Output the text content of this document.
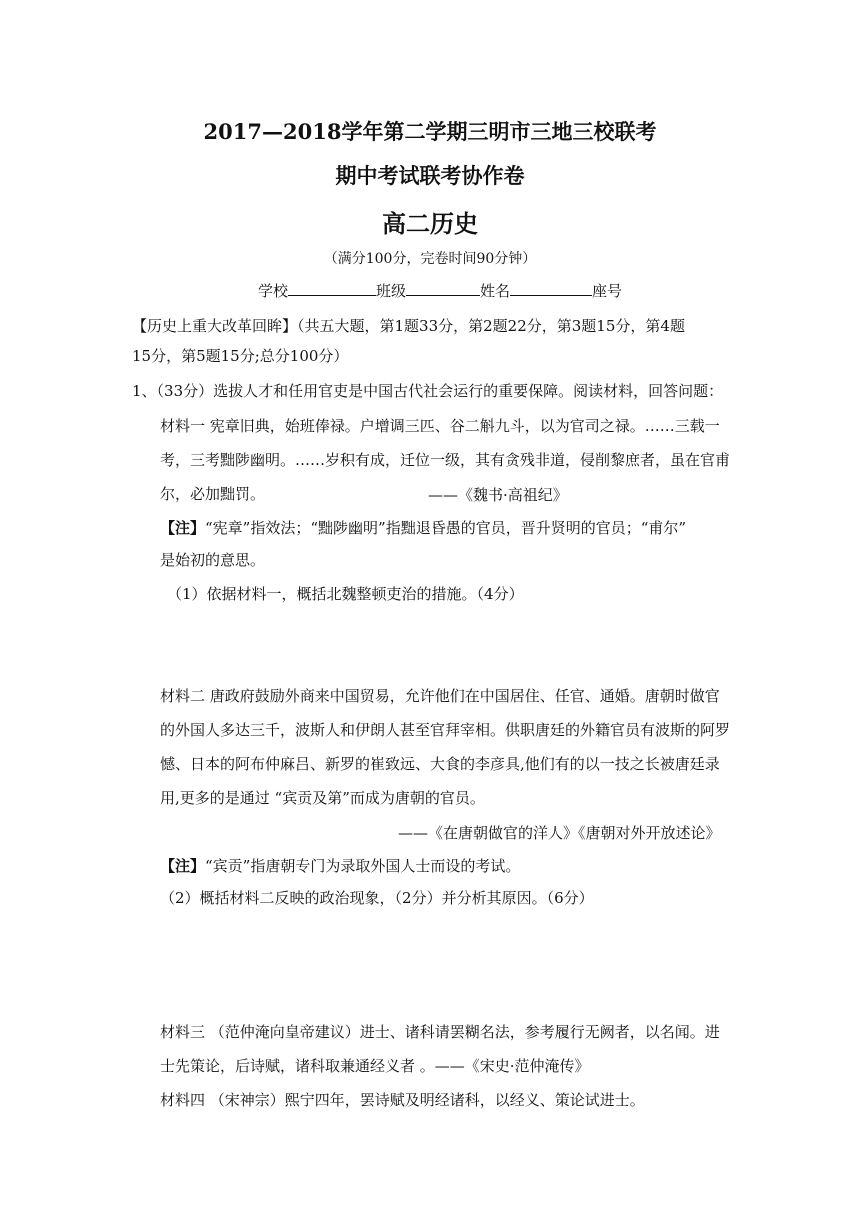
2017—2018学年第二学期三明市三地三校联考
期中考试联考协作卷
高二历史
（满分100分，完卷时间90分钟）
学校	班级	姓名	座号
【历史上重大改革回眸】（共五大题，第1题33分，第2题22分，第3题15分，第4题
15分，第5题15分;总分100分）
1、（33分）选拔人才和任用官吏是中国古代社会运行的重要保障。阅读材料，回答问题：
材料一 宪章旧典，始班俸禄。户增调三匹、谷二斛九斗，以为官司之禄。……三载一
考，三考黜陟幽明。……岁积有成，迁位一级，其有贪残非道，侵削黎庶者，虽在官甫
尔，必加黜罚。	——《魏书·高祖纪》
【注】“宪章”指效法；“黜陟幽明”指黜退昏愚的官员，晋升贤明的官员；“甫尔”
是始初的意思。
（1）依据材料一，概括北魏整顿吏治的措施。（4分）
材料二 唐政府鼓励外商来中国贸易，允许他们在中国居住、任官、通婚。唐朝时做官
的外国人多达三千，波斯人和伊朗人甚至官拜宰相。供职唐廷的外籍官员有波斯的阿罗
憾、日本的阿布仲麻吕、新罗的崔致远、大食的李彦具,他们有的以一技之长被唐廷录
用,更多的是通过 “宾贡及第”而成为唐朝的官员。
——《在唐朝做官的洋人》《唐朝对外开放述论》
【注】“宾贡”指唐朝专门为录取外国人士而设的考试。
（2）概括材料二反映的政治现象，（2分）并分析其原因。（6分）
材料三 （范仲淹向皇帝建议）进士、诸科请罢糊名法，参考履行无阙者，以名闻。进
士先策论，后诗赋，诸科取兼通经义者 。——《宋史·范仲淹传》
材料四 （宋神宗）熙宁四年，罢诗赋及明经诸科，以经义、策论试进士。
